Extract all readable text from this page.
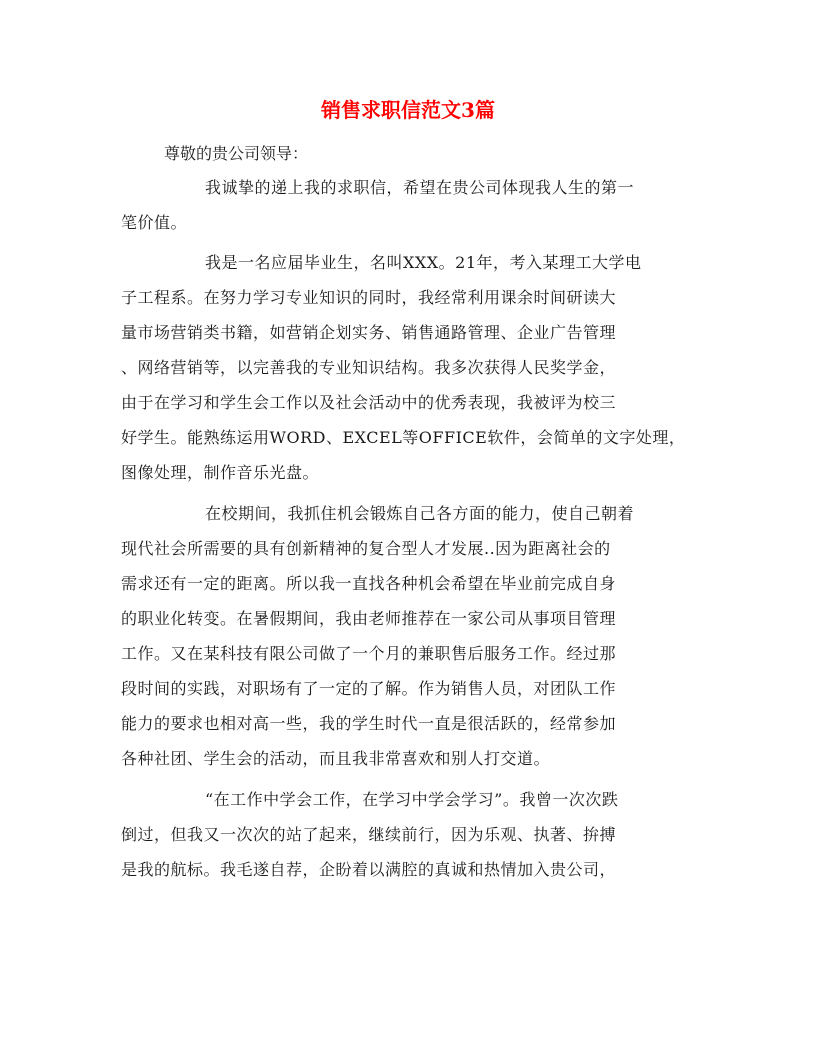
销售求职信范文3篇
尊敬的贵公司领导：
我诚挚的递上我的求职信，希望在贵公司体现我人生的第一
笔价值。
我是一名应届毕业生，名叫XXX。21年，考入某理工大学电
子工程系。在努力学习专业知识的同时，我经常利用课余时间研读大
量市场营销类书籍，如营销企划实务、销售通路管理、企业广告管理
、网络营销等，以完善我的专业知识结构。我多次获得人民奖学金，
由于在学习和学生会工作以及社会活动中的优秀表现，我被评为校三
好学生。能熟练运用WORD、EXCEL等OFFICE软件，会简单的文字处理，
图像处理，制作音乐光盘。
在校期间，我抓住机会锻炼自己各方面的能力，使自己朝着
现代社会所需要的具有创新精神的复合型人才发展..因为距离社会的
需求还有一定的距离。所以我一直找各种机会希望在毕业前完成自身
的职业化转变。在暑假期间，我由老师推荐在一家公司从事项目管理
工作。又在某科技有限公司做了一个月的兼职售后服务工作。经过那
段时间的实践，对职场有了一定的了解。作为销售人员，对团队工作
能力的要求也相对高一些，我的学生时代一直是很活跃的，经常参加
各种社团、学生会的活动，而且我非常喜欢和别人打交道。
“在工作中学会工作，在学习中学会学习”。我曾一次次跌
倒过，但我又一次次的站了起来，继续前行，因为乐观、执著、拚搏
是我的航标。我毛遂自荐，企盼着以满腔的真诚和热情加入贵公司，
